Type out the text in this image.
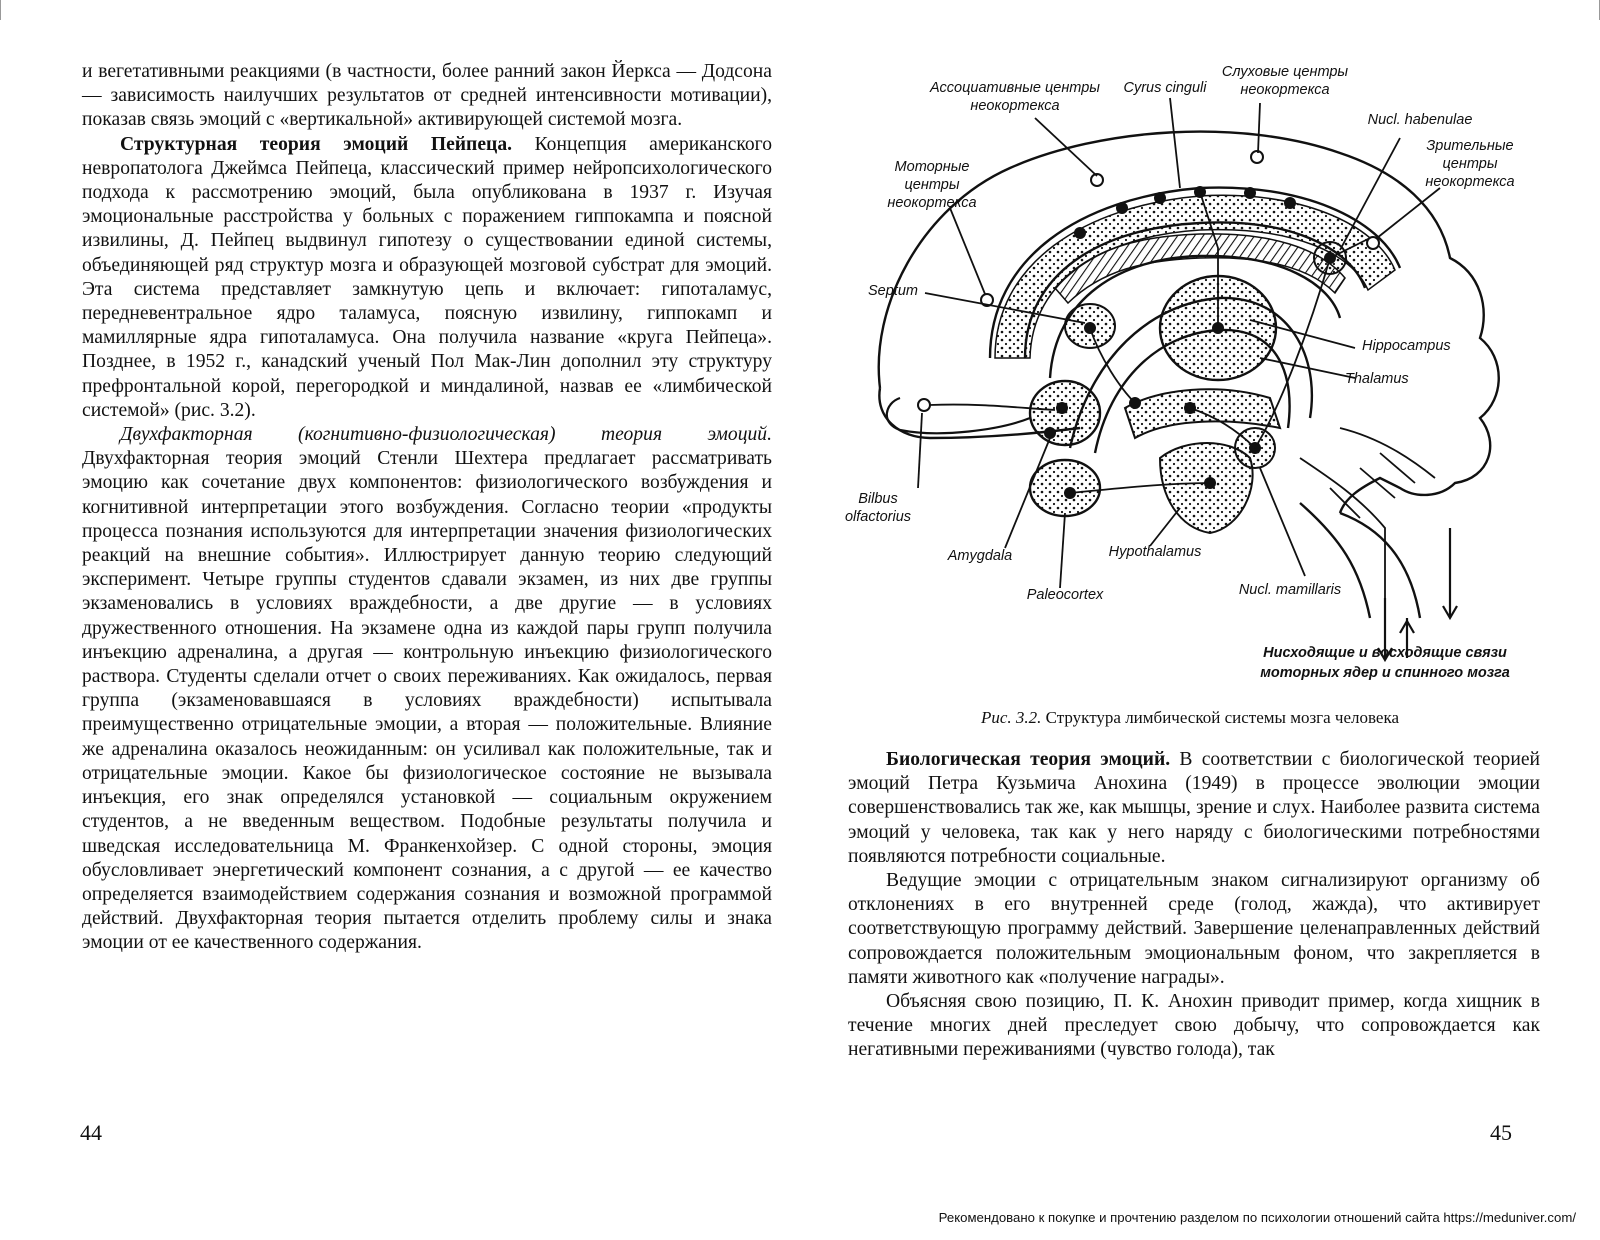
и вегетативными реакциями (в частности, более ранний закон Йеркса — Додсона — зависимость наилучших результатов от средней интенсивности мотивации), показав связь эмоций с «вертикальной» активирующей системой мозга.

Структурная теория эмоций Пейпеца. Концепция американского невропатолога Джеймса Пейпеца, классический пример нейропсихологического подхода к рассмотрению эмоций, была опубликована в 1937 г. Изучая эмоциональные расстройства у больных с поражением гиппокампа и поясной извилины, Д. Пейпец выдвинул гипотезу о существовании единой системы, объединяющей ряд структур мозга и образующей мозговой субстрат для эмоций. Эта система представляет замкнутую цепь и включает: гипоталамус, передневентральное ядро таламуса, поясную извилину, гиппокамп и мамиллярные ядра гипоталамуса. Она получила название «круга Пейпеца». Позднее, в 1952 г., канадский ученый Пол Мак-Лин дополнил эту структуру префронтальной корой, перегородкой и миндалиной, назвав ее «лимбической системой» (рис. 3.2).

Двухфакторная (когнитивно-физиологическая) теория эмоций. Двухфакторная теория эмоций Стенли Шехтера предлагает рассматривать эмоцию как сочетание двух компонентов: физиологического возбуждения и когнитивной интерпретации этого возбуждения. Согласно теории «продукты процесса познания используются для интерпретации значения физиологических реакций на внешние события». Иллюстрирует данную теорию следующий эксперимент. Четыре группы студентов сдавали экзамен, из них две группы экзаменовались в условиях враждебности, а две другие — в условиях дружественного отношения. На экзамене одна из каждой пары групп получила инъекцию адреналина, а другая — контрольную инъекцию физиологического раствора. Студенты сделали отчет о своих переживаниях. Как ожидалось, первая группа (экзаменовавшаяся в условиях враждебности) испытывала преимущественно отрицательные эмоции, а вторая — положительные. Влияние же адреналина оказалось неожиданным: он усиливал как положительные, так и отрицательные эмоции. Какое бы физиологическое состояние не вызывала инъекция, его знак определялся установкой — социальным окружением студентов, а не введенным веществом. Подобные результаты получила и шведская исследовательница М. Франкенхойзер. С одной стороны, эмоция обусловливает энергетический компонент сознания, а с другой — ее качество определяется взаимодействием содержания сознания и возможной программой действий. Двухфакторная теория пытается отделить проблему силы и знака эмоции от ее качественного содержания.

44
Ассоциативные центры
неокортекса
Cyrus cinguli
Слуховые центры
неокортекса
Nucl. habenulae
Зрительные
центры
неокортекса
Моторные
центры
неокортекса
Septum
Hippocampus
Thalamus
Bilbus
olfactorius
Amygdala	Hypothalamus
Paleocortex	Nucl. mamillaris
Нисходящие и восходящие связи
моторных ядер и спинного мозга
Рис. 3.2. Структура лимбической системы мозга человека

Биологическая теория эмоций. В соответствии с биологической теорией эмоций Петра Кузьмича Анохина (1949) в процессе эволюции эмоции совершенствовались так же, как мышцы, зрение и слух. Наиболее развита система эмоций у человека, так как у него наряду с биологическими потребностями появляются потребности социальные.

Ведущие эмоции с отрицательным знаком сигнализируют организму об отклонениях в его внутренней среде (голод, жажда), что активирует соответствующую программу действий. Завершение целенаправленных действий сопровождается положительным эмоциональным фоном, что закрепляется в памяти животного как «получение награды».

Объясняя свою позицию, П. К. Анохин приводит пример, когда хищник в течение многих дней преследует свою добычу, что сопровождается как негативными переживаниями (чувство голода), так

45
Рекомендовано к покупке и прочтению разделом по психологии отношений сайта https://meduniver.com/
